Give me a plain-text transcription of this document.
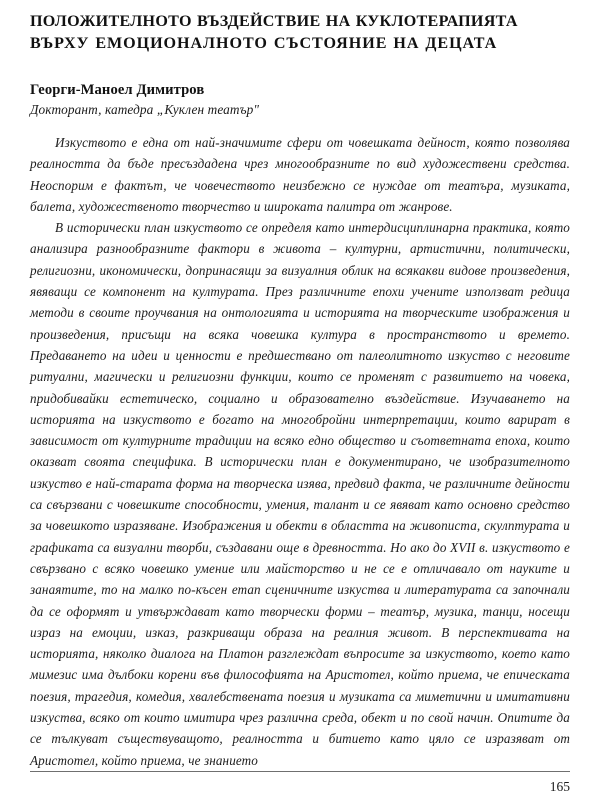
ПОЛОЖИТЕЛНОТО ВЪЗДЕЙСТВИЕ НА КУКЛОТЕРАПИЯТА
ВЪРХУ ЕМОЦИОНАЛНОТО СЪСТОЯНИЕ НА ДЕЦАТА
Георги-Маноел Димитров
Докторант, катедра „Куклен театър"

Изкуството е една от най-значимите сфери от човешката дейност, която позволява реалността да бъде пресъздадена чрез многообразните по вид художествени средства. Неоспорим е фактът, че човечеството неизбежно се нуждае от театъра, музиката, балета, художественото творчество и широката палитра от жанрове.

В исторически план изкуството се определя като интердисциплинарна практика, която анализира разнообразните фактори в живота – културни, артистични, политически, религиозни, икономически, допринасящи за визуалния облик на всякакви видове произведения, явяващи се компонент на културата. През различните епохи учените използват редица методи в своите проучвания на онтологията и историята на творческите изображения и произведения, присъщи на всяка човешка култура в пространството и времето. Предаването на идеи и ценности е предшествано от палеолитното изкуство с неговите ритуални, магически и религиозни функции, които се променят с развитието на човека, придобивайки естетическо, социално и образователно въздействие. Изучаването на историята на изкуството е богато на многобройни интерпретации, които варират в зависимост от културните традиции на всяко едно общество и съответната епоха, които оказват своята специфика. В исторически план е документирано, че изобразителното изкуство е най-старата форма на творческа изява, предвид факта, че различните дейности са свързвани с човешките способности, умения, талант и се явяват като основно средство за човешкото изразяване. Изображения и обекти в областта на живописта, скулптурата и графиката са визуални творби, създавани още в древността. Но ако до XVII в. изкуството е свързвано с всяко човешко умение или майсторство и не се е отличавало от науките и занаятите, то на малко по-късен етап сценичните изкуства и литературата са започнали да се оформят и утвърждават като творчески форми – театър, музика, танци, носещи израз на емоции, изказ, разкриващи образа на реалния живот. В перспективата на историята, няколко диалога на Платон разглеждат въпросите за изкуството, което като мимезис има дълбоки корени във философията на Аристотел, който приема, че епическата поезия, трагедия, комедия, хвалебствената поезия и музиката са миметични и имитативни изкуства, всяко от които имитира чрез различна среда, обект и по свой начин. Опитите да се тълкуват съществуващото, реалността и битието като цяло се изразяват от Аристотел, който приема, че знанието

165
